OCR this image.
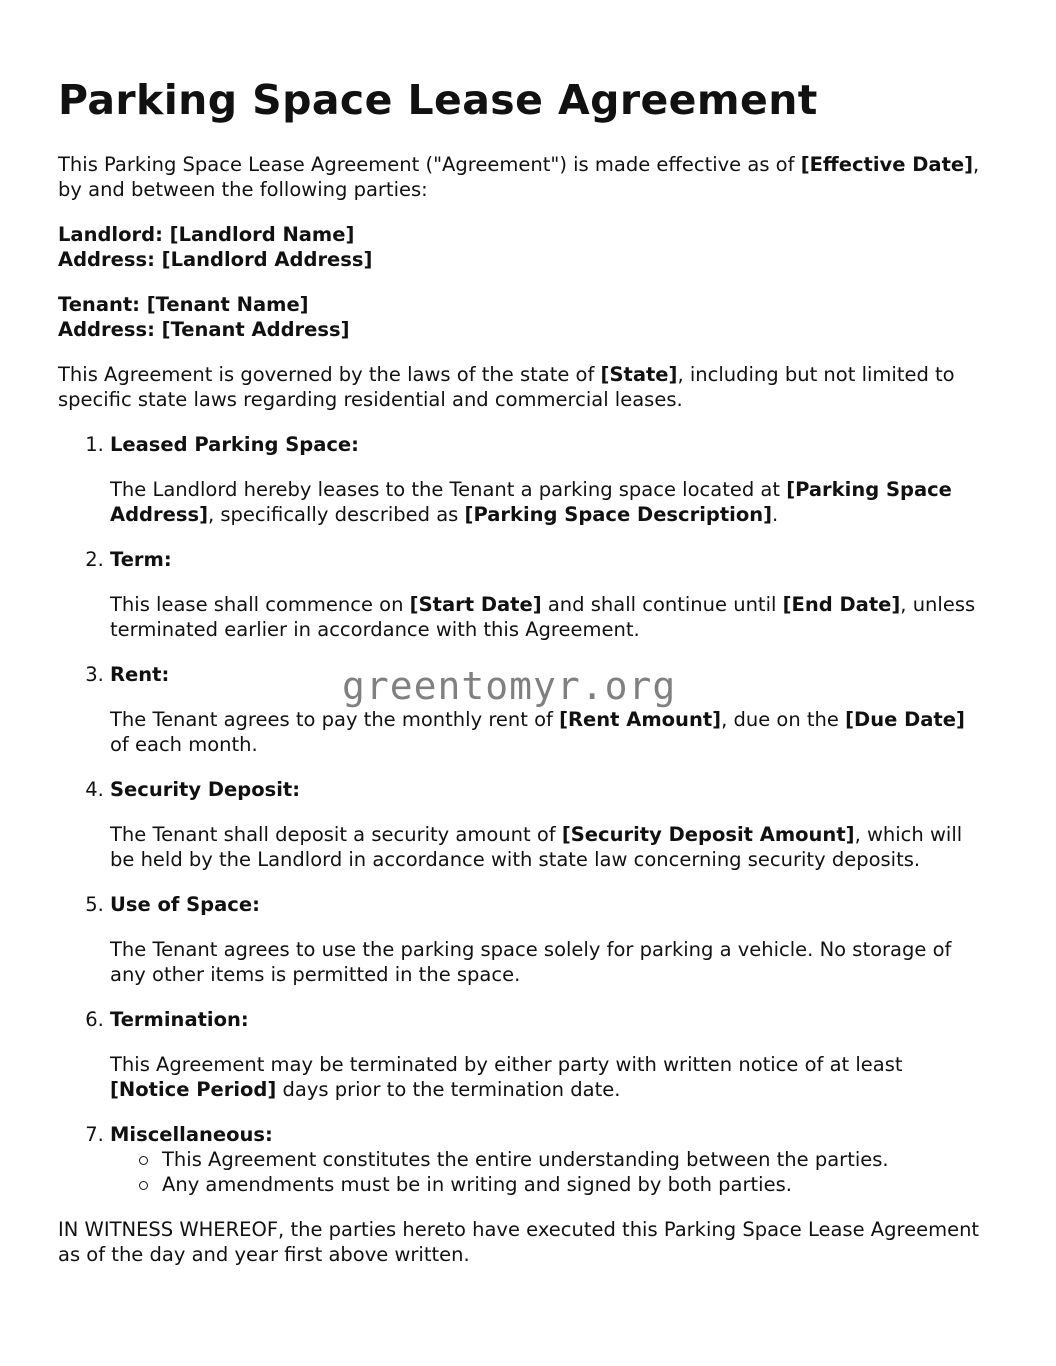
Parking Space Lease Agreement

This Parking Space Lease Agreement ("Agreement") is made effective as of [Effective Date], by and between the following parties:

Landlord: [Landlord Name]
Address: [Landlord Address]

Tenant: [Tenant Name]
Address: [Tenant Address]

This Agreement is governed by the laws of the state of [State], including but not limited to specific state laws regarding residential and commercial leases.

1. Leased Parking Space:
The Landlord hereby leases to the Tenant a parking space located at [Parking Space Address], specifically described as [Parking Space Description].
2. Term:
This lease shall commence on [Start Date] and shall continue until [End Date], unless terminated earlier in accordance with this Agreement.
3. Rent:
The Tenant agrees to pay the monthly rent of [Rent Amount], due on the [Due Date] of each month.
4. Security Deposit:
The Tenant shall deposit a security amount of [Security Deposit Amount], which will be held by the Landlord in accordance with state law concerning security deposits.
5. Use of Space:
The Tenant agrees to use the parking space solely for parking a vehicle. No storage of any other items is permitted in the space.
6. Termination:
This Agreement may be terminated by either party with written notice of at least [Notice Period] days prior to the termination date.
7. Miscellaneous:
This Agreement constitutes the entire understanding between the parties.
Any amendments must be in writing and signed by both parties.

IN WITNESS WHEREOF, the parties hereto have executed this Parking Space Lease Agreement as of the day and year first above written.

greentomyr.org
